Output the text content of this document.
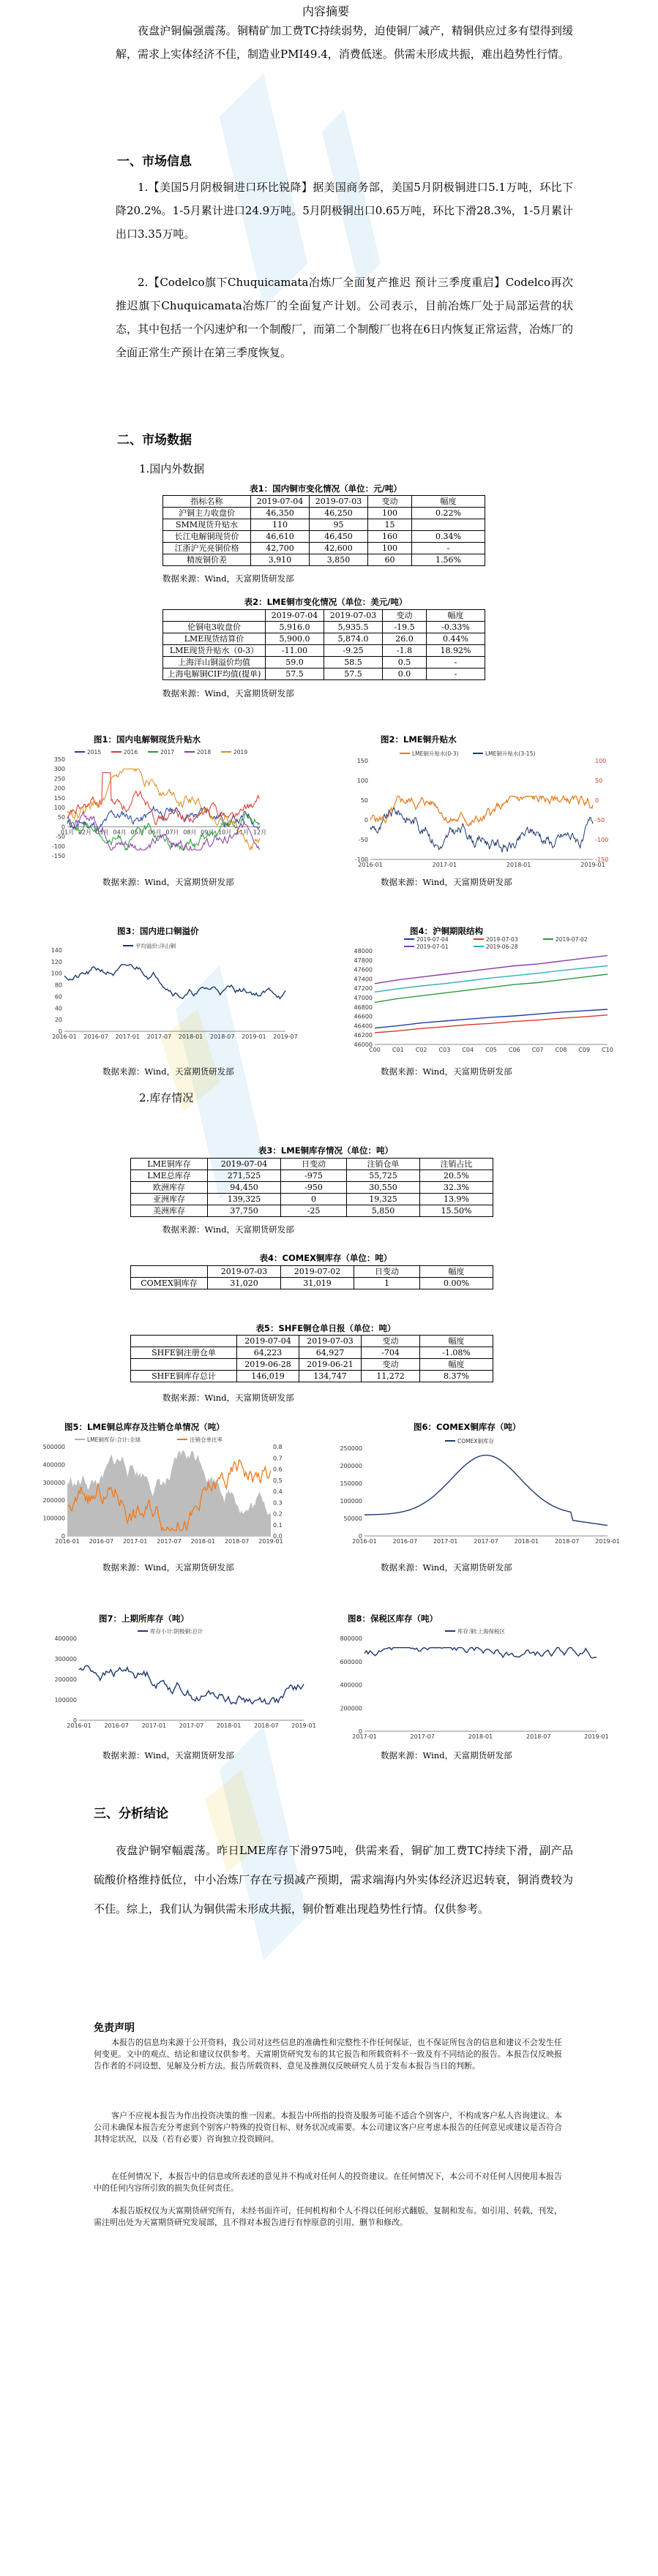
内容摘要
夜盘沪铜偏强震荡。铜精矿加工费TC持续弱势，迫使铜厂减产，精铜供应过多有望得到缓解，需求上实体经济不佳，制造业PMI49.4，消费低迷。供需未形成共振，难出趋势性行情。
一、市场信息
1.【美国5月阴极铜进口环比锐降】据美国商务部，美国5月阴极铜进口5.1万吨，环比下降20.2%。1-5月累计进口24.9万吨。5月阴极铜出口0.65万吨，环比下滑28.3%，1-5月累计出口3.35万吨。
2.【Codelco旗下Chuquicamata冶炼厂全面复产推迟 预计三季度重启】Codelco再次推迟旗下Chuquicamata冶炼厂的全面复产计划。公司表示，目前冶炼厂处于局部运营的状态，其中包括一个闪速炉和一个制酸厂，而第二个制酸厂也将在6日内恢复正常运营，冶炼厂的全面正常生产预计在第三季度恢复。
二、市场数据
1.国内外数据
表1：国内铜市变化情况（单位：元/吨）
指标名称	2019-07-04	2019-07-03	变动	幅度
沪铜主力收盘价	46,350	46,250	100	0.22%
SMM现货升贴水	110	95	15	
长江电解铜现货价	46,610	46,450	160	0.34%
江浙沪光亮铜价格	42,700	42,600	100	-
精废铜价差	3,910	3,850	60	1.56%
数据来源：Wind，天富期货研发部
表2：LME铜市变化情况（单位：美元/吨）
	2019-07-04	2019-07-03	变动	幅度
伦铜电3收盘价	5,916.0	5,935.5	-19.5	-0.33%
LME现货结算价	5,900.0	5,874.0	26.0	0.44%
LME现货升贴水（0-3）	-11.00	-9.25	-1.8	18.92%
上海洋山铜溢价均值	59.0	58.5	0.5	-
上海电解铜CIF均值(提单)	57.5	57.5	0.0	-
数据来源：Wind，天富期货研发部
图1：国内电解铜现货升贴水
-150
-100
-50
0
50
100
150
200
250
300
350
01月 02月 03月 04月 05月 06月 07月 08月 09月 10月 11月 12月
2015	2016	2017	2018	2019
数据来源：Wind，天富期货研发部
图2：LME铜升贴水
-100
-50
0
50
100
150
-150
-100
-50
0
50
100
2016-01	2017-01	2018-01	2019-01
LME铜升贴水(0-3)	LME铜升贴水(3-15)
数据来源：Wind，天富期货研发部
图3：国内进口铜溢价
0
20
40
60
80
100
120
140
2016-01 2016-07 2017-01 2017-07 2018-01 2018-07 2019-01 2019-07
平均溢价:洋山铜
数据来源：Wind，天富期货研发部
图4：沪铜期限结构
46000
46200
46400
46600
46800
47000
47200
47400
47600
47800
48000
C00 C01 C02 C03 C04 C05 C06 C07 C08 C09 C10
2019-07-04	2019-07-03	2019-07-02
2019-07-01	2019-06-28
数据来源：Wind，天富期货研发部
2.库存情况
表3：LME铜库存情况（单位：吨）
LME铜库存	2019-07-04	日变动	注销仓单	注销占比
LME总库存	271,525	-975	55,725	20.5%
欧洲库存	94,450	-950	30,550	32.3%
亚洲库存	139,325	0	19,325	13.9%
美洲库存	37,750	-25	5,850	15.50%
数据来源：Wind，天富期货研发部
表4：COMEX铜库存（单位：吨）
	2019-07-03	2019-07-02	日变动	幅度
COMEX铜库存	31,020	31,019	1	0.00%
表5：SHFE铜仓单日报（单位：吨）
	2019-07-04	2019-07-03	变动	幅度
SHFE铜注册仓单	64,223	64,927	-704	-1.08%
	2019-06-28	2019-06-21	变动	幅度
SHFE铜库存总计	146,019	134,747	11,272	8.37%
数据来源：Wind，天富期货研发部
图5：LME铜总库存及注销仓单情况（吨）
0
100000
200000
300000
400000
500000
0.0
0.1
0.2
0.3
0.4
0.5
0.6
0.7
0.8
2016-01 2016-07 2017-01 2017-07 2018-01 2018-07 2019-01
LME铜库存:合计:全球	注销仓单比率
数据来源：Wind，天富期货研发部
图6：COMEX铜库存（吨）
0
50000
100000
150000
200000
250000
2016-01	2016-07	2017-01	2017-07	2018-01	2018-07	2019-01
COMEX铜库存
数据来源：Wind，天富期货研发部
图7：上期所库存（吨）
0
100000
200000
300000
400000
2016-01 2016-07 2017-01 2017-07 2018-01 2018-07 2019-01
库存小计:阴极铜:总计
数据来源：Wind，天富期货研发部
图8：保税区库存（吨）
0
200000
400000
600000
800000
2017-01	2017-07	2018-01	2018-07	2019-01
库存:铜:上海保税区
数据来源：Wind，天富期货研发部
三、分析结论
夜盘沪铜窄幅震荡。昨日LME库存下滑975吨，供需来看，铜矿加工费TC持续下滑，副产品硫酸价格维持低位，中小冶炼厂存在亏损减产预期，需求端海内外实体经济迟迟转衰，铜消费较为不佳。综上，我们认为铜供需未形成共振，铜价暂难出现趋势性行情。仅供参考。
免责声明
本报告的信息均来源于公开资料，我公司对这些信息的准确性和完整性不作任何保证，也不保证所包含的信息和建议不会发生任何变更。文中的观点、结论和建议仅供参考。天富期货研究发布的其它报告和所载资料不一致及有不同结论的报告。本报告仅反映报告作者的不同设想、见解及分析方法。报告所载资料、意见及推测仅反映研究人员于发布本报告当日的判断。
客户不应视本报告为作出投资决策的惟一因素。本报告中所指的投资及服务可能不适合个别客户，不构成客户私人咨询建议。本公司未确保本报告充分考虑到个别客户特殊的投资目标、财务状况或需要。本公司建议客户应考虑本报告的任何意见或建议是否符合其特定状况，以及（若有必要）咨询独立投资顾问。
在任何情况下，本报告中的信息或所表述的意见并不构成对任何人的投资建议。在任何情况下，本公司不对任何人因使用本报告中的任何内容所引致的损失负任何责任。
本报告版权仅为天富期货研究所有，未经书面许可，任何机构和个人不得以任何形式翻版、复制和发布。如引用、转载、刊发，需注明出处为天富期货研究发展部，且不得对本报告进行有悖原意的引用、删节和修改。
